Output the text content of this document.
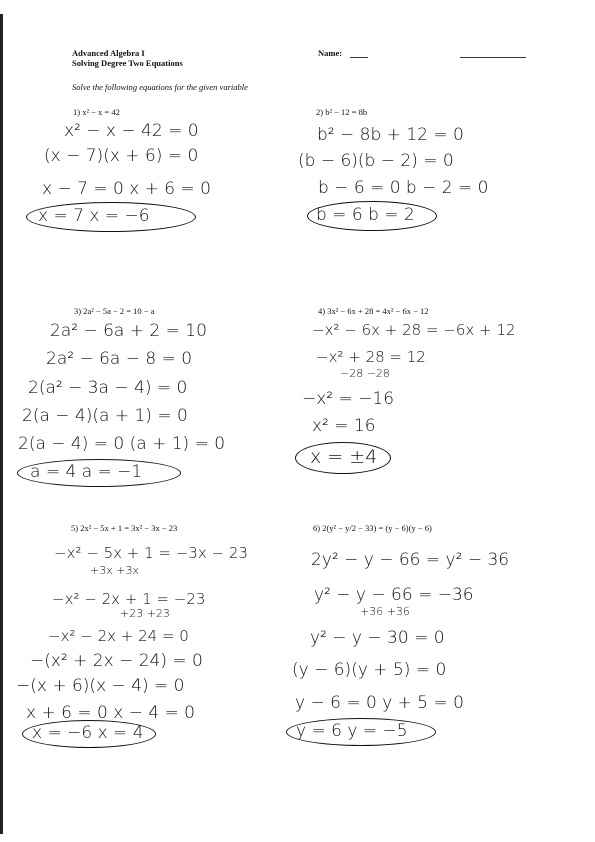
Advanced Algebra I
Solving Degree Two Equations
Name:
Solve the following equations for the given variable
1) x² − x = 42
x² − x − 42 = 0
(x − 7)(x + 6) = 0
x − 7 = 0 x + 6 = 0
x = 7 x = −6
2) b² − 12 = 8b
b² − 8b + 12 = 0
(b − 6)(b − 2) = 0
b − 6 = 0 b − 2 = 0
b = 6 b = 2
3) 2a² − 5a − 2 = 10 − a
2a² − 6a + 2 = 10
2a² − 6a − 8 = 0
2(a² − 3a − 4) = 0
2(a − 4)(a + 1) = 0
2(a − 4) = 0 (a + 1) = 0
a = 4 a = −1
4) 3x² − 6x + 28 = 4x² − 6x − 12
−x² − 6x + 28 = −6x + 12
−x² + 28 = 12
−28 −28
−x² = −16
x² = 16
x = ±4
5) 2x² − 5x + 1 = 3x² − 3x − 23
−x² − 5x + 1 = −3x − 23
+3x +3x
−x² − 2x + 1 = −23
+23 +23
−x² − 2x + 24 = 0
−(x² + 2x − 24) = 0
−(x + 6)(x − 4) = 0
x + 6 = 0 x − 4 = 0
x = −6 x = 4
6) 2(y² − y/2 − 33) = (y − 6)(y − 6)
2y² − y − 66 = y² − 36
y² − y − 66 = −36
+36 +36
y² − y − 30 = 0
(y − 6)(y + 5) = 0
y − 6 = 0 y + 5 = 0
y = 6 y = −5
